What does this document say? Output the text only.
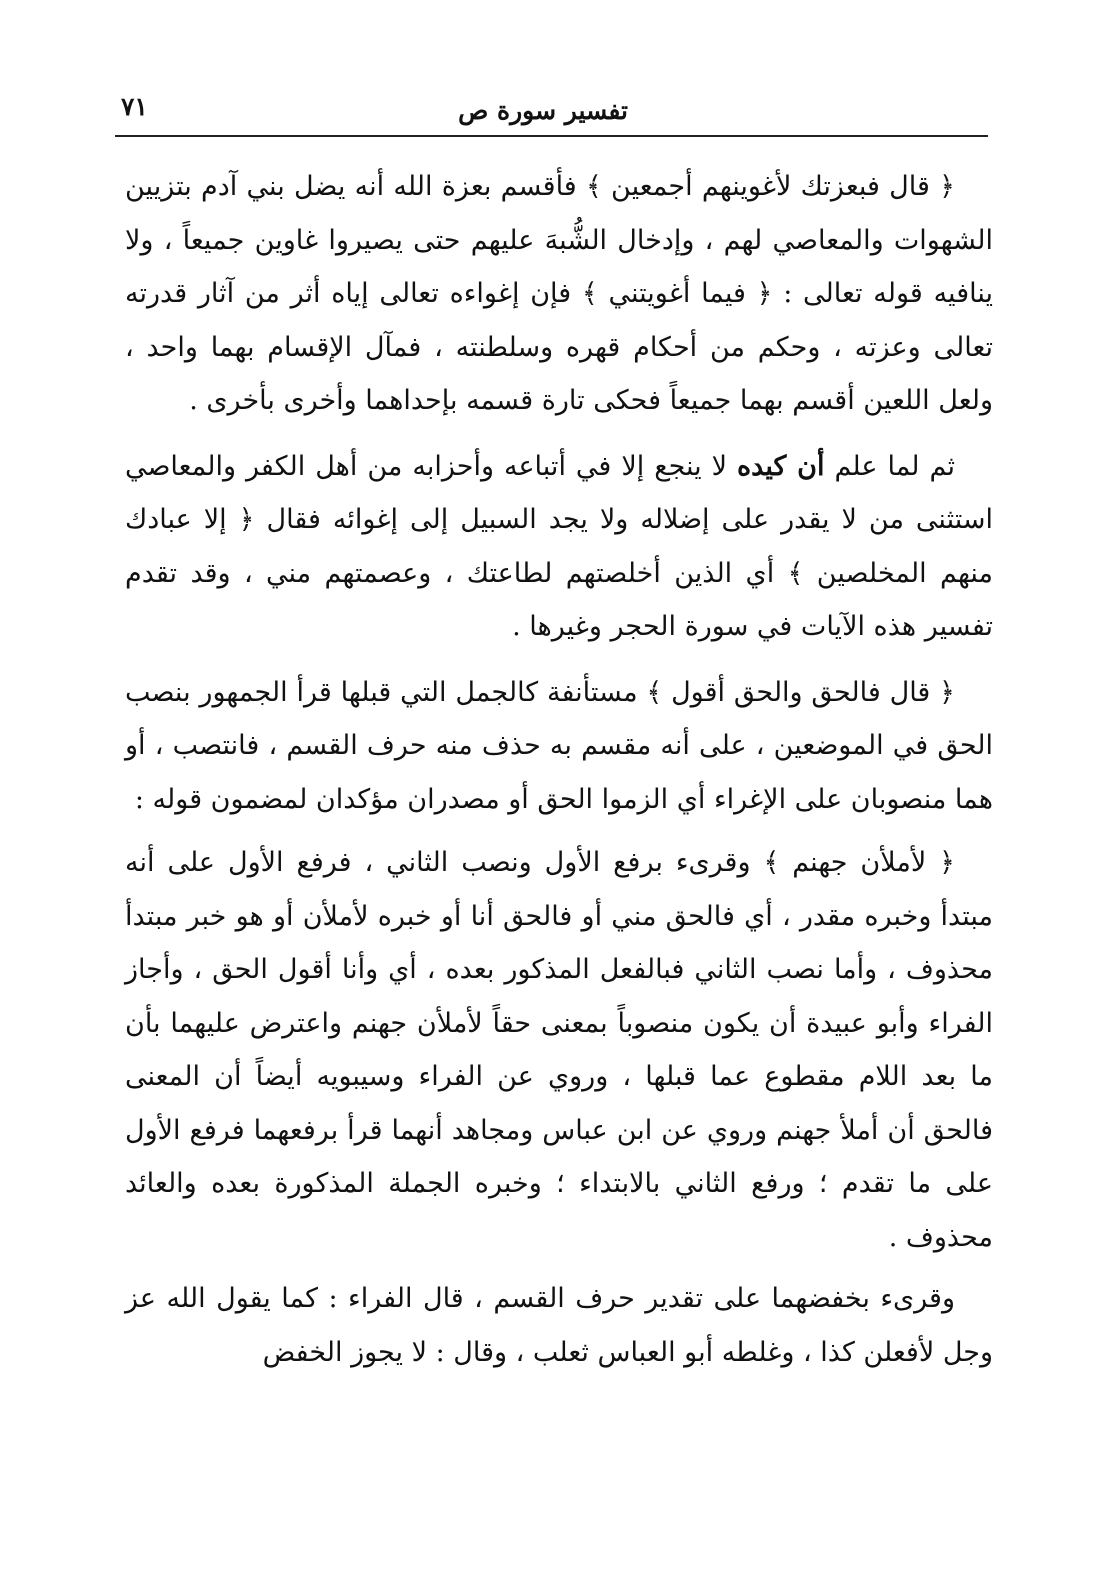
تفسير سورة ص
٧١

﴿ قال فبعزتك لأغوينهم أجمعين ﴾ فأقسم بعزة الله أنه يضل بني آدم بتزيين الشهوات والمعاصي لهم ، وإدخال الشُّبهَ عليهم حتى يصيروا غاوين جميعاً ، ولا ينافيه قوله تعالى : ﴿ فيما أغويتني ﴾ فإن إغواءه تعالى إياه أثر من آثار قدرته تعالى وعزته ، وحكم من أحكام قهره وسلطنته ، فمآل الإقسام بهما واحد ، ولعل اللعين أقسم بهما جميعاً فحكى تارة قسمه بإحداهما وأخرى بأخرى .

ثم لما علم أن كيده لا ينجع إلا في أتباعه وأحزابه من أهل الكفر والمعاصي استثنى من لا يقدر على إضلاله ولا يجد السبيل إلى إغوائه فقال ﴿ إلا عبادك منهم المخلصين ﴾ أي الذين أخلصتهم لطاعتك ، وعصمتهم مني ، وقد تقدم تفسير هذه الآيات في سورة الحجر وغيرها .

﴿ قال فالحق والحق أقول ﴾ مستأنفة كالجمل التي قبلها قرأ الجمهور بنصب الحق في الموضعين ، على أنه مقسم به حذف منه حرف القسم ، فانتصب ، أو هما منصوبان على الإغراء أي الزموا الحق أو مصدران مؤكدان لمضمون قوله :

﴿ لأملأن جهنم ﴾ وقرىء برفع الأول ونصب الثاني ، فرفع الأول على أنه مبتدأ وخبره مقدر ، أي فالحق مني أو فالحق أنا أو خبره لأملأن أو هو خبر مبتدأ محذوف ، وأما نصب الثاني فبالفعل المذكور بعده ، أي وأنا أقول الحق ، وأجاز الفراء وأبو عبيدة أن يكون منصوباً بمعنى حقاً لأملأن جهنم واعترض عليهما بأن ما بعد اللام مقطوع عما قبلها ، وروي عن الفراء وسيبويه أيضاً أن المعنى فالحق أن أملأ جهنم وروي عن ابن عباس ومجاهد أنهما قرأ برفعهما فرفع الأول على ما تقدم ؛ ورفع الثاني بالابتداء ؛ وخبره الجملة المذكورة بعده والعائد محذوف .

وقرىء بخفضهما على تقدير حرف القسم ، قال الفراء : كما يقول الله عز وجل لأفعلن كذا ، وغلطه أبو العباس ثعلب ، وقال : لا يجوز الخفض
